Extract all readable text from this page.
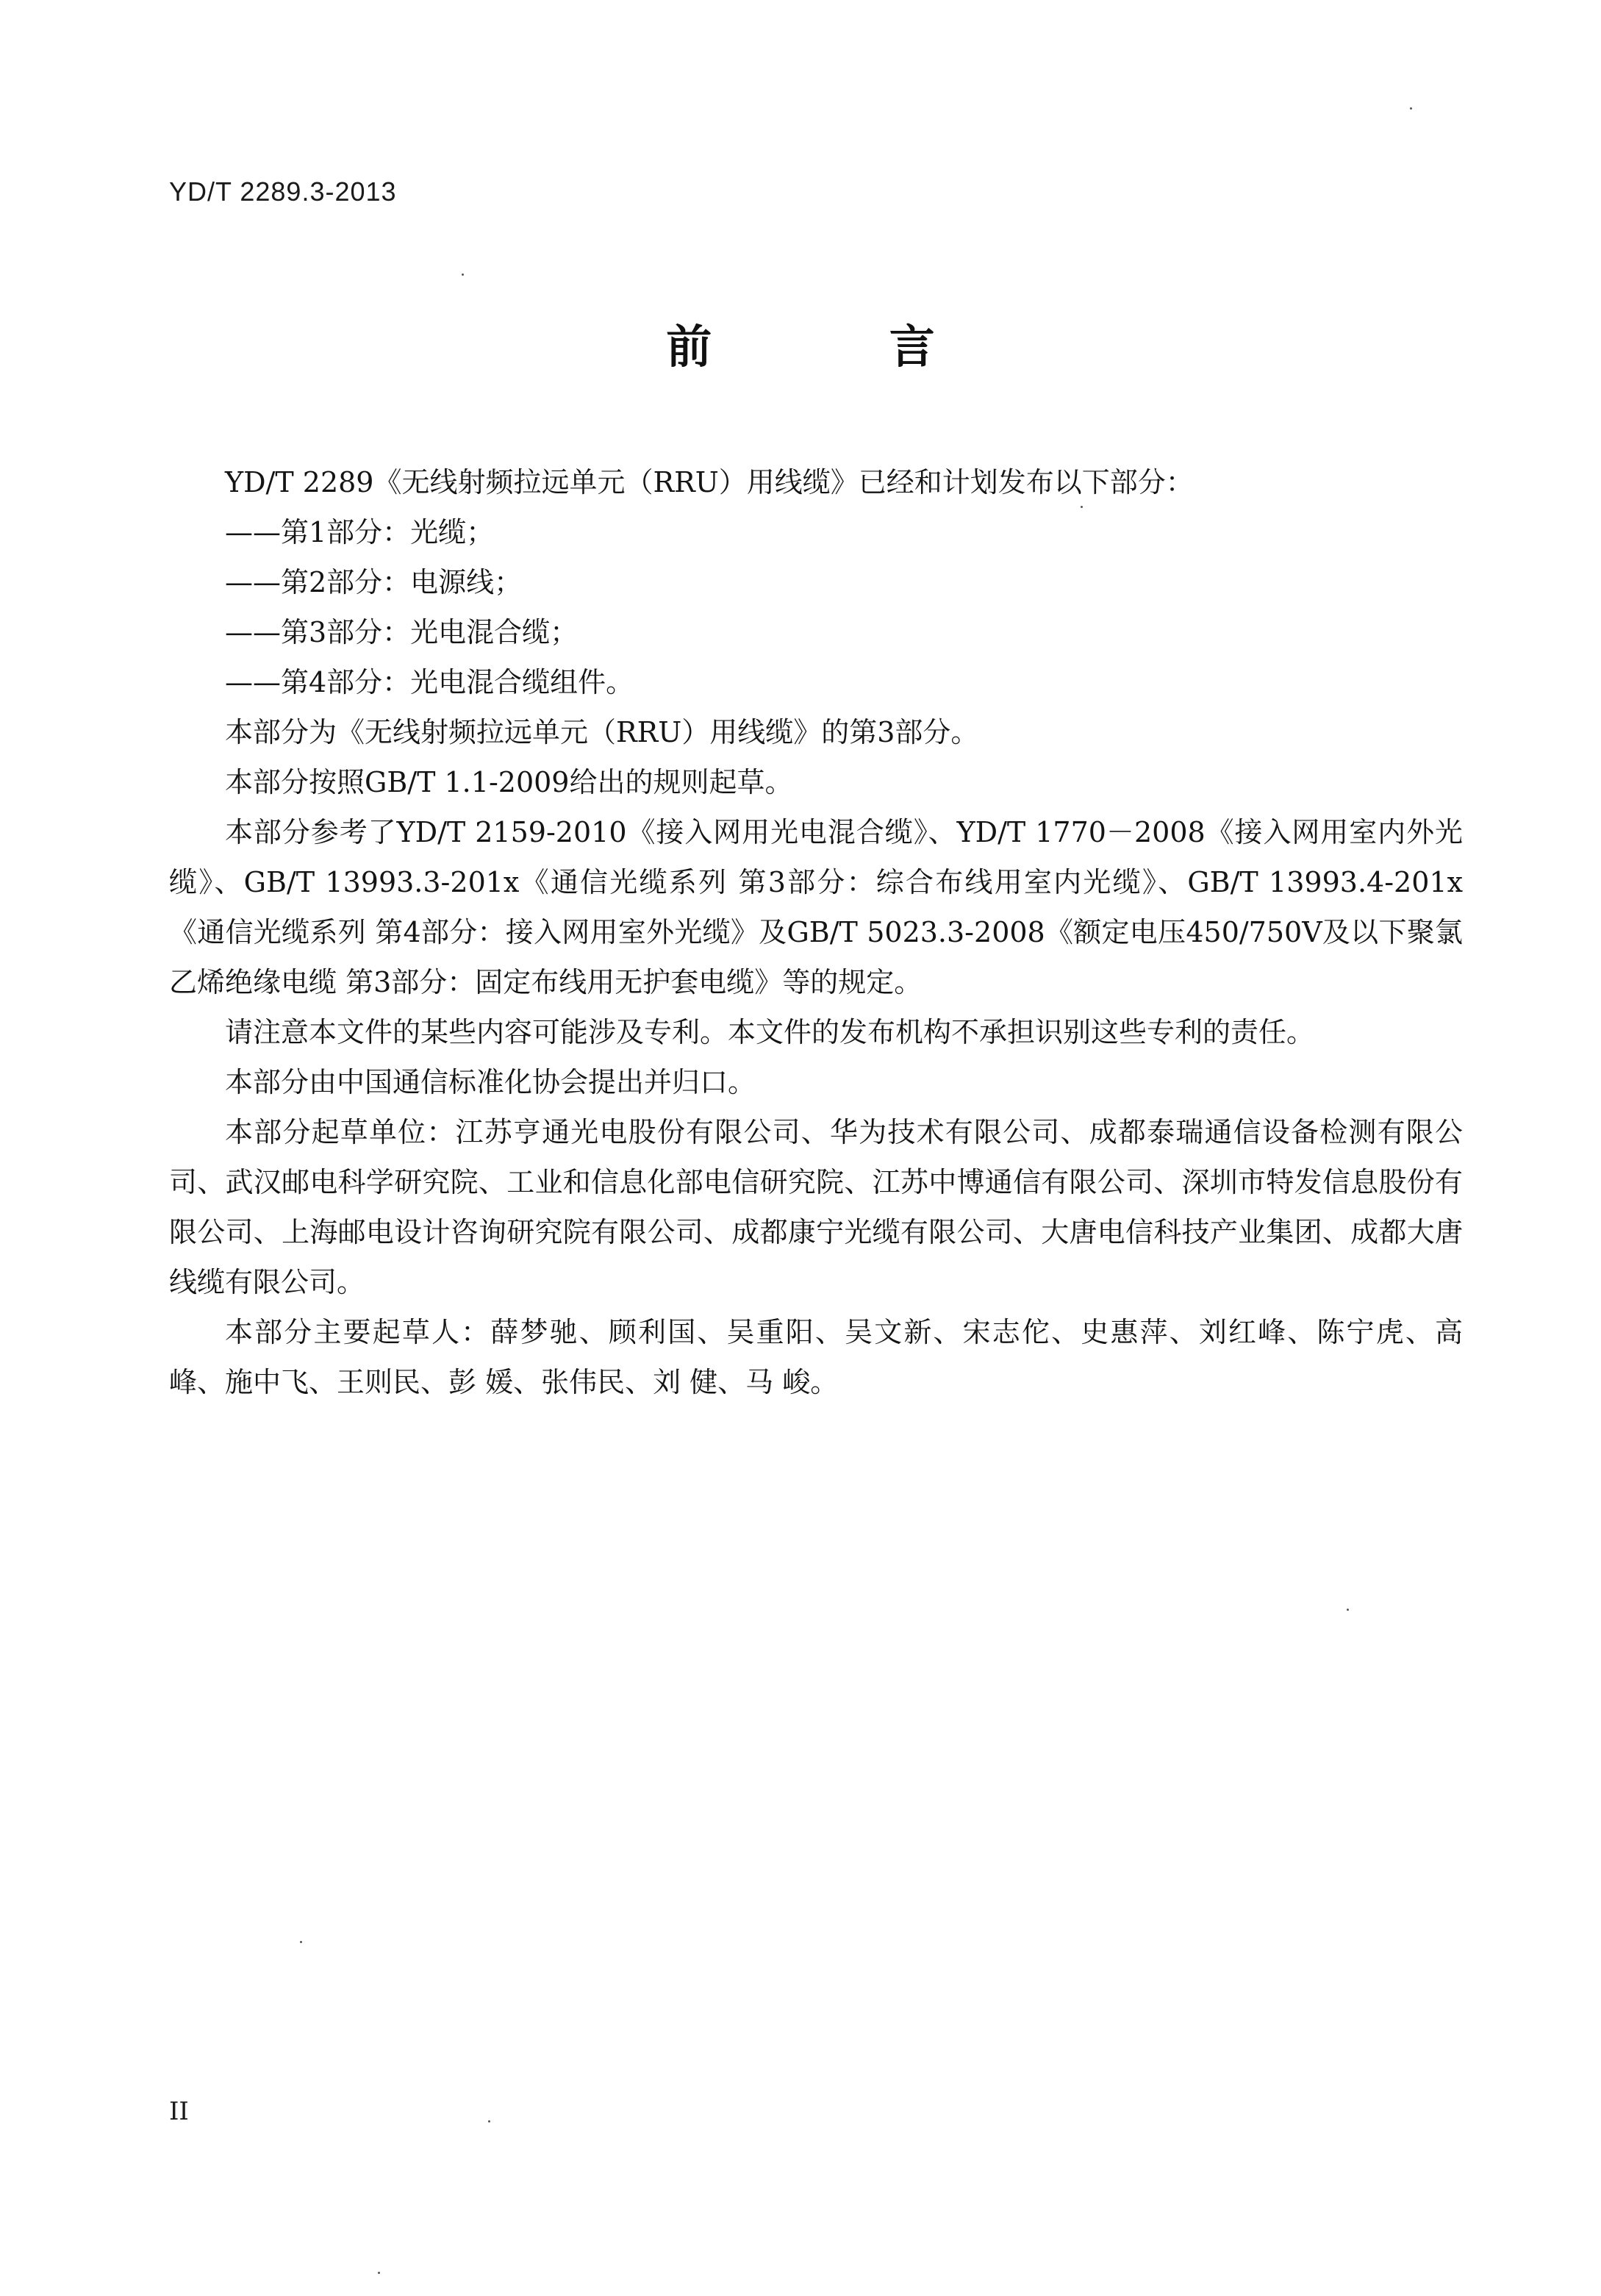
YD/T 2289.3-2013
前 言

YD/T 2289《无线射频拉远单元（RRU）用线缆》已经和计划发布以下部分：

——第1部分：光缆；

——第2部分：电源线；

——第3部分：光电混合缆；

——第4部分：光电混合缆组件。

本部分为《无线射频拉远单元（RRU）用线缆》的第3部分。

本部分按照GB/T 1.1-2009给出的规则起草。

本部分参考了YD/T 2159-2010《接入网用光电混合缆》、YD/T 1770－2008《接入网用室内外光缆》、GB/T 13993.3-201x《通信光缆系列 第3部分：综合布线用室内光缆》、GB/T 13993.4-201x《通信光缆系列 第4部分：接入网用室外光缆》及GB/T 5023.3-2008《额定电压450/750V及以下聚氯乙烯绝缘电缆 第3部分：固定布线用无护套电缆》等的规定。

请注意本文件的某些内容可能涉及专利。本文件的发布机构不承担识别这些专利的责任。

本部分由中国通信标准化协会提出并归口。

本部分起草单位：江苏亨通光电股份有限公司、华为技术有限公司、成都泰瑞通信设备检测有限公司、武汉邮电科学研究院、工业和信息化部电信研究院、江苏中博通信有限公司、深圳市特发信息股份有限公司、上海邮电设计咨询研究院有限公司、成都康宁光缆有限公司、大唐电信科技产业集团、成都大唐线缆有限公司。

本部分主要起草人：薛梦驰、顾利国、吴重阳、吴文新、宋志佗、史惠萍、刘红峰、陈宁虎、高 峰、施中飞、王则民、彭 媛、张伟民、刘 健、马 峻。

II
